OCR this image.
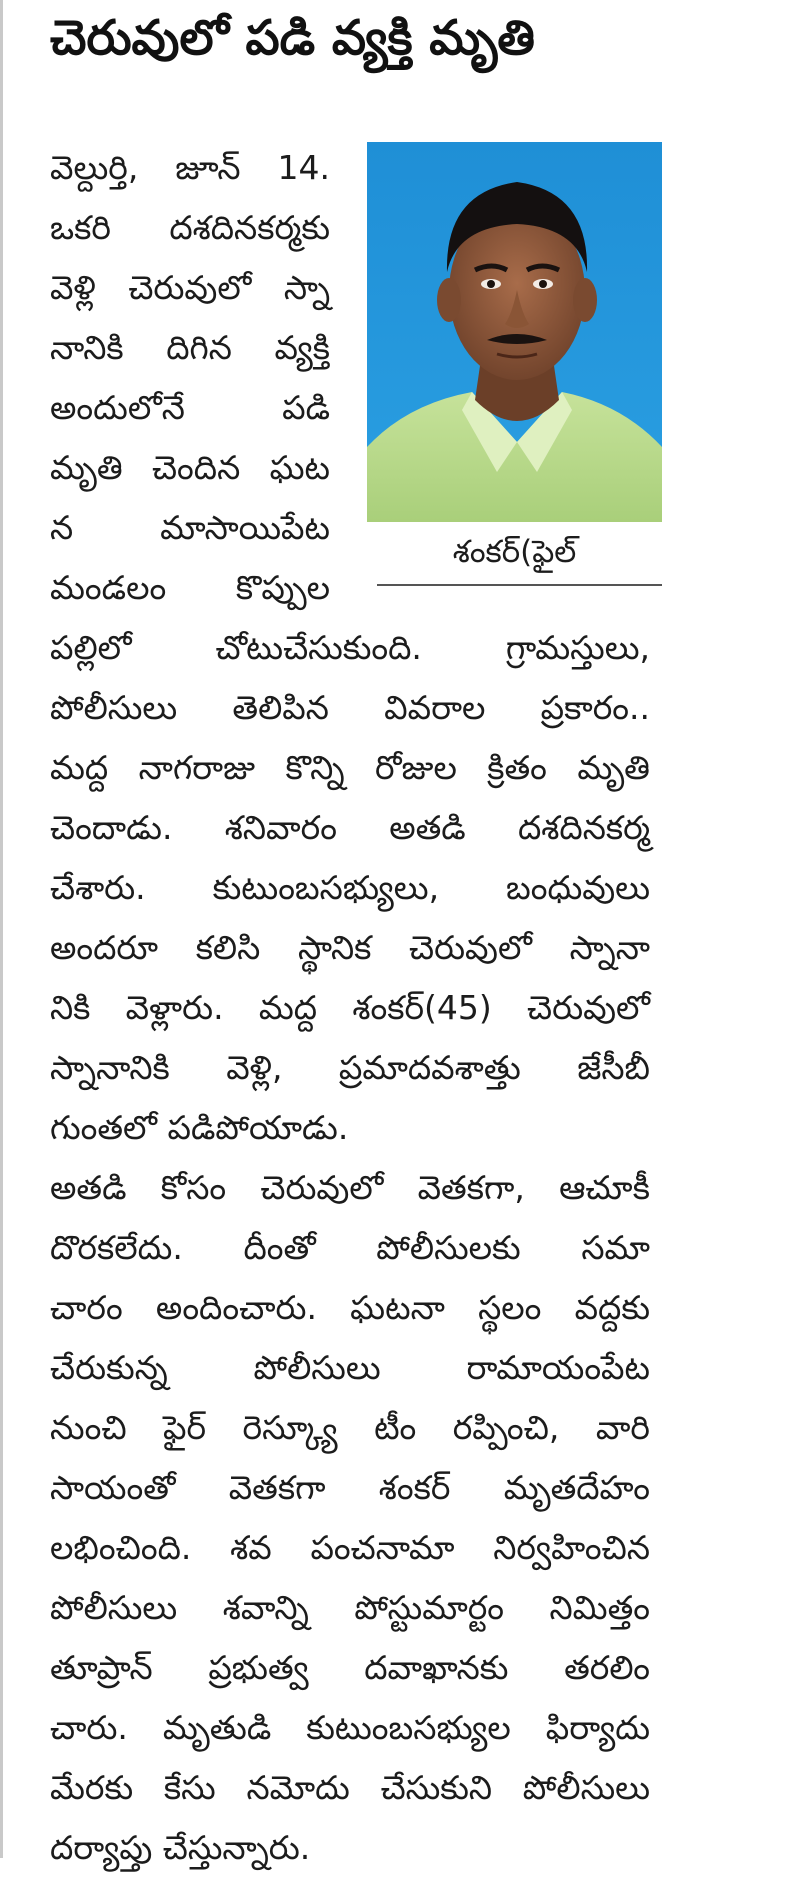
చెరువులో పడి వ్యక్తి మృతి
వెల్దుర్తి, జూన్ 14.
ఒకరి దశదినకర్మకు
వెళ్లి చెరువులో స్నా
నానికి దిగిన వ్యక్తి
అందులోనే పడి
మృతి చెందిన ఘట
న మాసాయిపేట
మండలం కొప్పుల
పల్లిలో చోటుచేసుకుంది. గ్రామస్తులు,
పోలీసులు తెలిపిన వివరాల ప్రకారం..
మద్ద నాగరాజు కొన్ని రోజుల క్రితం మృతి
చెందాడు. శనివారం అతడి దశదినకర్మ
చేశారు. కుటుంబసభ్యులు, బంధువులు
అందరూ కలిసి స్థానిక చెరువులో స్నానా
నికి వెళ్లారు. మద్ద శంకర్(45) చెరువులో
స్నానానికి వెళ్లి, ప్రమాదవశాత్తు జేసీబీ
గుంతలో పడిపోయాడు.
అతడి కోసం చెరువులో వెతకగా, ఆచూకీ
దొరకలేదు. దీంతో పోలీసులకు సమా
చారం అందించారు. ఘటనా స్థలం వద్దకు
చేరుకున్న పోలీసులు రామాయంపేట
నుంచి ఫైర్ రెస్క్యూ టీం రప్పించి, వారి
సాయంతో వెతకగా శంకర్ మృతదేహం
లభించింది. శవ పంచనామా నిర్వహించిన
పోలీసులు శవాన్ని పోస్టుమార్టం నిమిత్తం
తూప్రాన్ ప్రభుత్వ దవాఖానకు తరలిం
చారు. మృతుడి కుటుంబసభ్యుల ఫిర్యాదు
మేరకు కేసు నమోదు చేసుకుని పోలీసులు
దర్యాప్తు చేస్తున్నారు.
శంకర్(ఫైల్
